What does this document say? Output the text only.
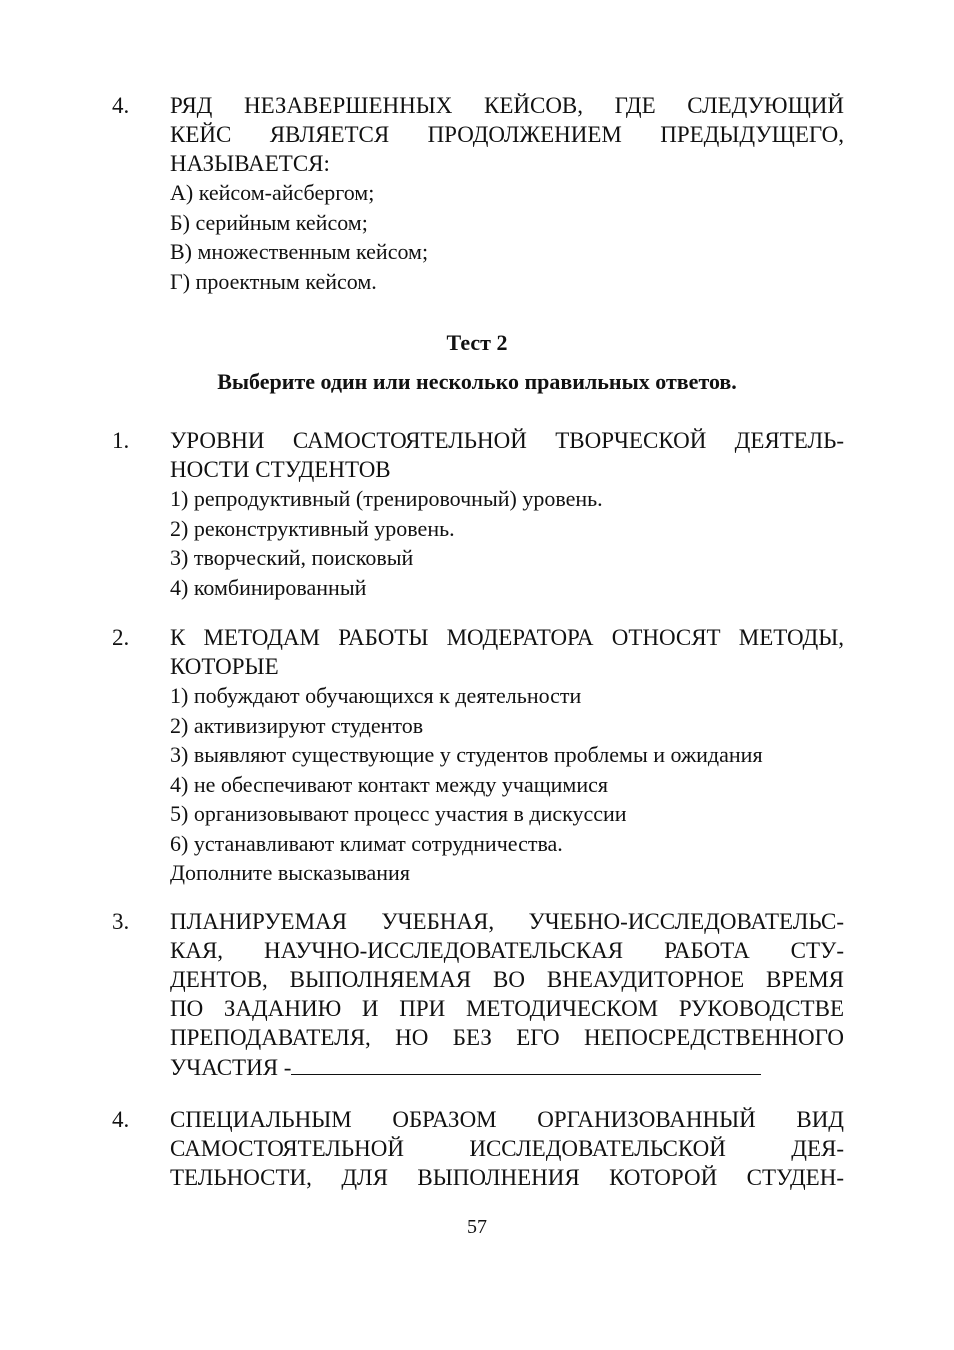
4. РЯД НЕЗАВЕРШЕННЫХ КЕЙСОВ, ГДЕ СЛЕДУЮЩИЙ
КЕЙС ЯВЛЯЕТСЯ ПРОДОЛЖЕНИЕМ ПРЕДЫДУЩЕГО,
НАЗЫВАЕТСЯ:
А) кейсом-айсбергом;
Б) серийным кейсом;
В) множественным кейсом;
Г) проектным кейсом.
Тест 2
Выберите один или несколько правильных ответов.
1. УРОВНИ САМОСТОЯТЕЛЬНОЙ ТВОРЧЕСКОЙ ДЕЯТЕЛЬ-
НОСТИ СТУДЕНТОВ
1) репродуктивный (тренировочный) уровень.
2) реконструктивный уровень.
3) творческий, поисковый
4) комбинированный
2. К МЕТОДАМ РАБОТЫ МОДЕРАТОРА ОТНОСЯТ МЕТОДЫ,
КОТОРЫЕ
1) побуждают обучающихся к деятельности
2) активизируют студентов
3) выявляют существующие у студентов проблемы и ожидания
4) не обеспечивают контакт между учащимися
5) организовывают процесс участия в дискуссии
6) устанавливают климат сотрудничества.
Дополните высказывания
3. ПЛАНИРУЕМАЯ УЧЕБНАЯ, УЧЕБНО-ИССЛЕДОВАТЕЛЬС-
КАЯ, НАУЧНО-ИССЛЕДОВАТЕЛЬСКАЯ РАБОТА СТУ-
ДЕНТОВ, ВЫПОЛНЯЕМАЯ ВО ВНЕАУДИТОРНОЕ ВРЕМЯ
ПО ЗАДАНИЮ И ПРИ МЕТОДИЧЕСКОМ РУКОВОДСТВЕ
ПРЕПОДАВАТЕЛЯ, НО БЕЗ ЕГО НЕПОСРЕДСТВЕННОГО
УЧАСТИЯ -
4. СПЕЦИАЛЬНЫМ ОБРАЗОМ ОРГАНИЗОВАННЫЙ ВИД
САМОСТОЯТЕЛЬНОЙ ИССЛЕДОВАТЕЛЬСКОЙ ДЕЯ-
ТЕЛЬНОСТИ, ДЛЯ ВЫПОЛНЕНИЯ КОТОРОЙ СТУДЕН-
57
